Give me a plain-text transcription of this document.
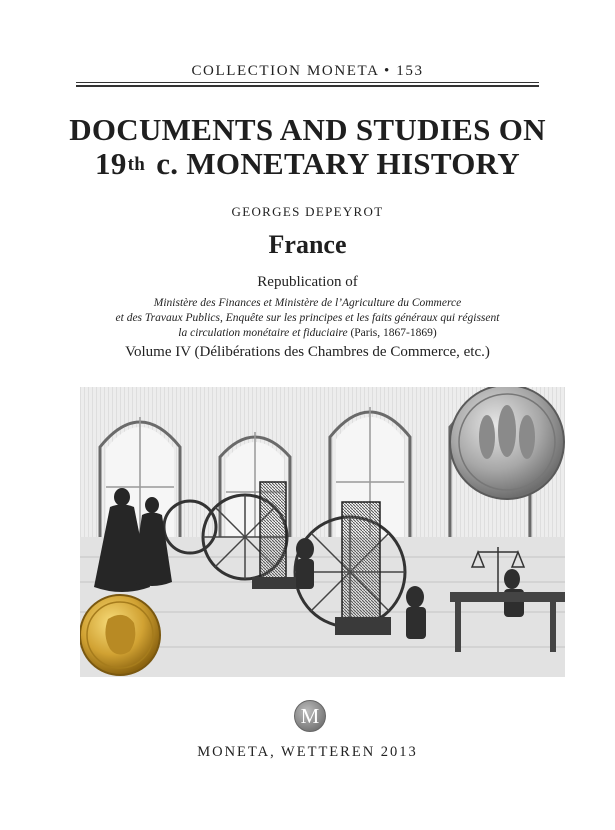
COLLECTION MONETA • 153
DOCUMENTS AND STUDIES ON
19th c. MONETARY HISTORY
GEORGES DEPEYROT
France
Republication of
Ministère des Finances et Ministère de l’Agriculture du Commerce
et des Travaux Publics, Enquête sur les principes et les faits généraux qui régissent
la circulation monétaire et fiduciaire (Paris, 1867-1869)
Volume IV (Délibérations des Chambres de Commerce, etc.)
M
MONETA, WETTEREN 2013
